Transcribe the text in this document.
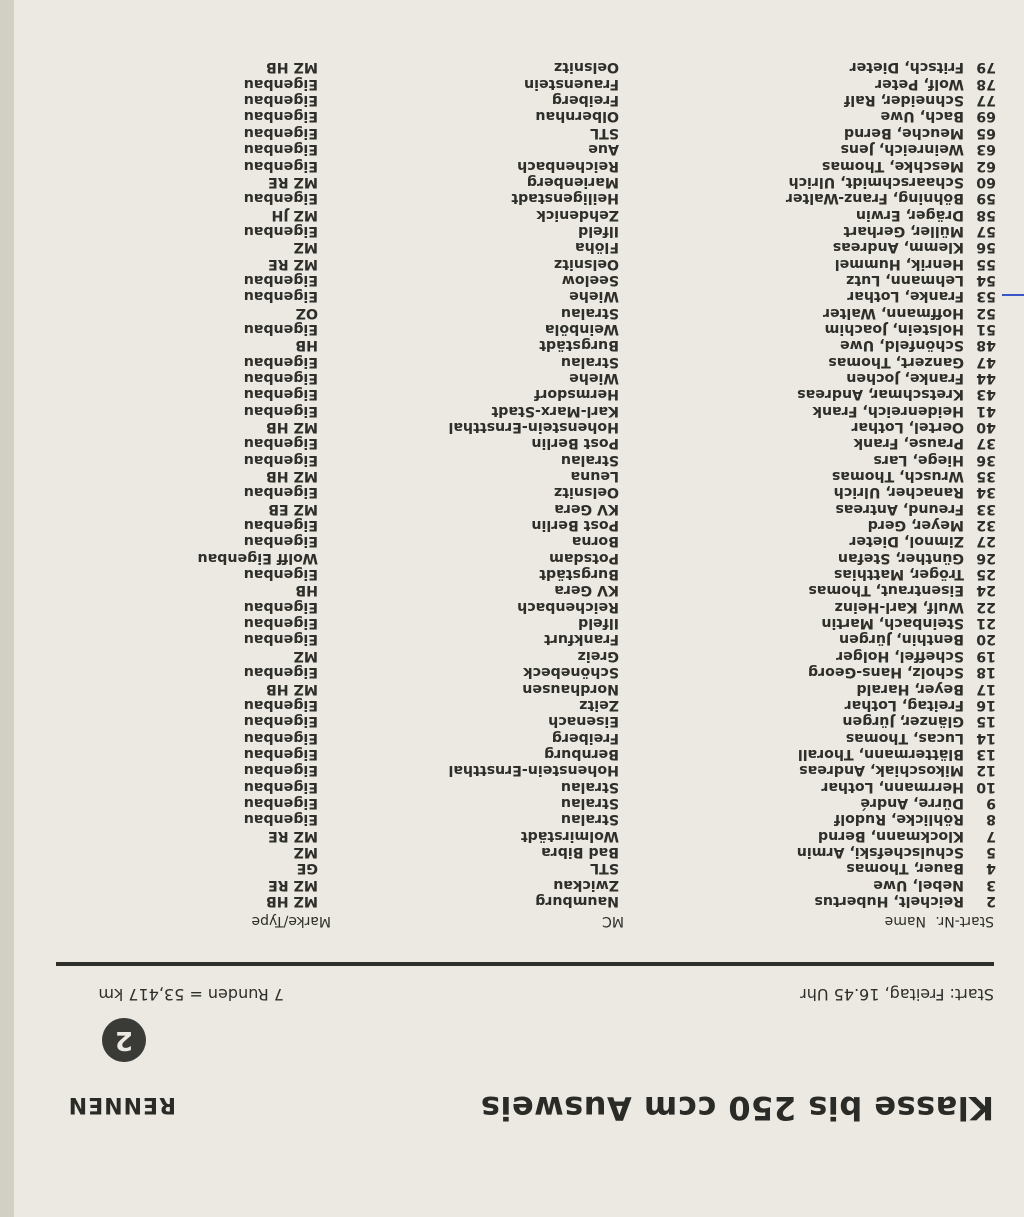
Klasse bis 250 ccm Ausweis
RENNEN
2
Start: Freitag, 16.45 Uhr
7 Runden = 53,417 km
Start-Nr.
Name
MC
Marke/Type
2
Reichelt, Hubertus
Naumburg
MZ HB
3
Nebel, Uwe
Zwickau
MZ RE
4
Bauer, Thomas
STL
GE
5
Schulschefski, Armin
Bad Bibra
MZ
7
Klockmann, Bernd
Wolmirstädt
MZ RE
8
Röhlicke, Rudolf
Stralau
Eigenbau
9
Dürre, André
Stralau
Eigenbau
10
Herrmann, Lothar
Stralau
Eigenbau
12
Mikoschiak, Andreas
Hohenstein-Ernstthal
Eigenbau
13
Blättermann, Thorall
Bernburg
Eigenbau
14
Lucas, Thomas
Freiberg
Eigenbau
15
Glänzer, Jürgen
Eisenach
Eigenbau
16
Freitag, Lothar
Zeitz
Eigenbau
17
Beyer, Harald
Nordhausen
MZ HB
18
Scholz, Hans-Georg
Schönebeck
Eigenbau
19
Scheffel, Holger
Greiz
MZ
20
Benthin, Jürgen
Frankfurt
Eigenbau
21
Steinbach, Martin
Ilfeld
Eigenbau
22
Wulf, Karl-Heinz
Reichenbach
Eigenbau
24
Eisentraut, Thomas
KV Gera
HB
25
Tröger, Matthias
Burgstädt
Eigenbau
26
Günther, Stefan
Potsdam
Wolff Eigenbau
27
Zimnol, Dieter
Borna
Eigenbau
32
Meyer, Gerd
Post Berlin
Eigenbau
33
Freund, Antreas
KV Gera
MZ EB
34
Ranacher, Ulrich
Oelsnitz
Eigenbau
35
Wrusch, Thomas
Leuna
MZ HB
36
Hiege, Lars
Stralau
Eigenbau
37
Prause, Frank
Post Berlin
Eigenbau
40
Oertel, Lothar
Hohenstein-Ernstthal
MZ HB
41
Heidenreich, Frank
Karl-Marx-Stadt
Eigenbau
43
Kretschmar, Andreas
Hermsdorf
Eigenbau
44
Franke, Jochen
Wiehe
Eigenbau
47
Ganzert, Thomas
Stralau
Eigenbau
48
Schönfeld, Uwe
Burgstädt
HB
51
Holstein, Joachim
Weinböla
Eigenbau
52
Hoffmann, Walter
Stralau
OZ
53
Franke, Lothar
Wiehe
Eigenbau
54
Lehmann, Lutz
Seelow
Eigenbau
55
Henrik, Hummel
Oelsnitz
MZ RE
56
Klemm, Andreas
Flöha
MZ
57
Müller, Gerhart
Ilfeld
Eigenbau
58
Dräger, Erwin
Zehdenick
MZ JH
59
Böhning, Franz-Walter
Heiligenstadt
Eigenbau
60
Schaarschmidt, Ulrich
Marienberg
MZ RE
62
Meschke, Thomas
Reichenbach
Eigenbau
63
Weinreich, Jens
Aue
Eigenbau
65
Meuche, Bernd
STL
Eigenbau
69
Bach, Uwe
Olbernhau
Eigenbau
77
Schneider, Ralf
Freiberg
Eigenbau
78
Wolf, Peter
Frauenstein
Eigenbau
79
Fritsch, Dieter
Oelsnitz
MZ HB
